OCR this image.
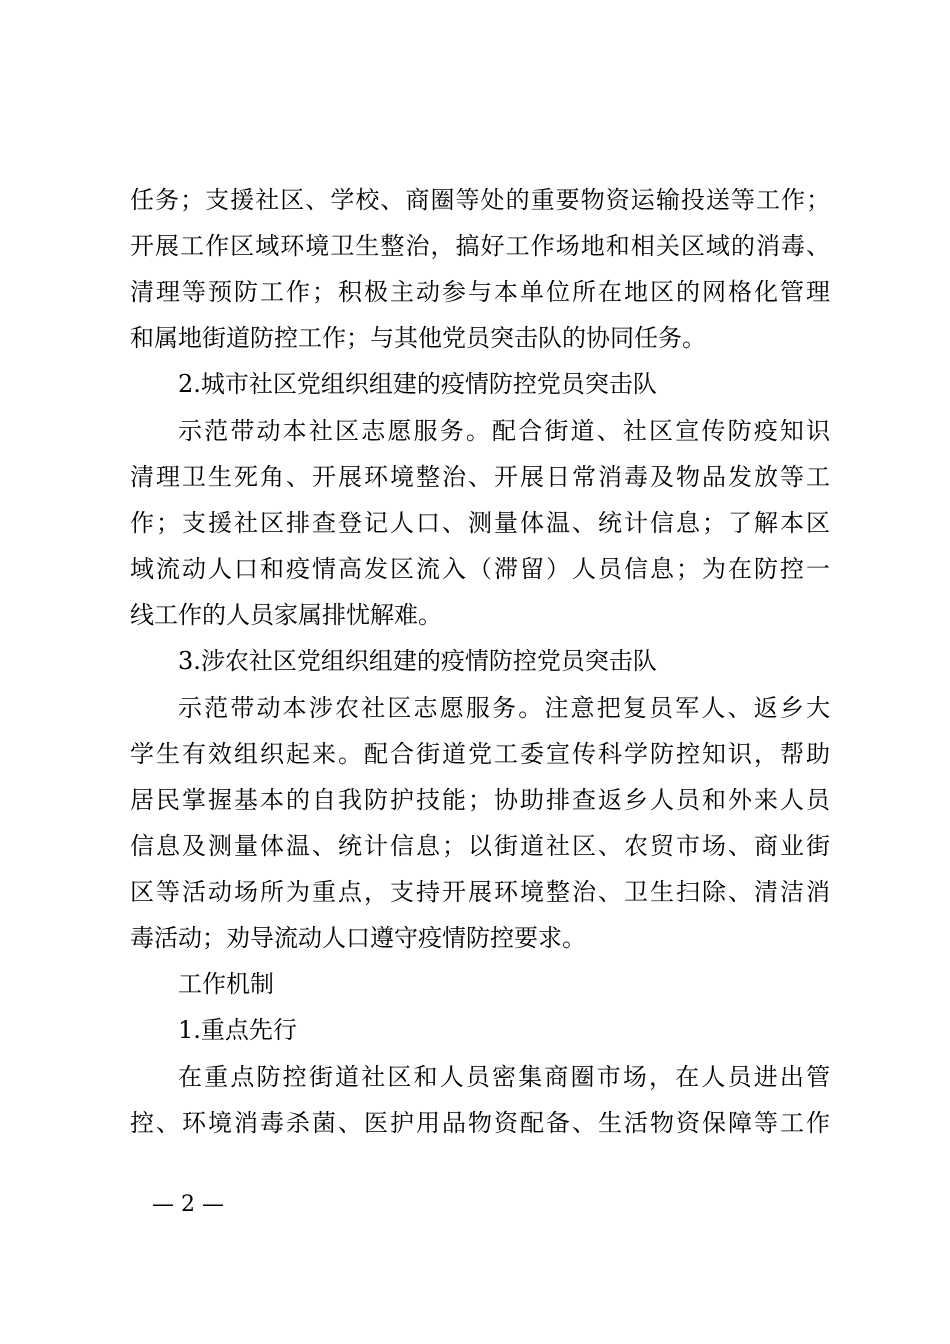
任务；支援社区、学校、商圈等处的重要物资运输投送等工作；
开展工作区域环境卫生整治，搞好工作场地和相关区域的消毒、
清理等预防工作；积极主动参与本单位所在地区的网格化管理
和属地街道防控工作；与其他党员突击队的协同任务。
2.城市社区党组织组建的疫情防控党员突击队
示范带动本社区志愿服务。配合街道、社区宣传防疫知识
清理卫生死角、开展环境整治、开展日常消毒及物品发放等工
作；支援社区排查登记人口、测量体温、统计信息；了解本区
域流动人口和疫情高发区流入（滞留）人员信息；为在防控一
线工作的人员家属排忧解难。
3.涉农社区党组织组建的疫情防控党员突击队
示范带动本涉农社区志愿服务。注意把复员军人、返乡大
学生有效组织起来。配合街道党工委宣传科学防控知识，帮助
居民掌握基本的自我防护技能；协助排查返乡人员和外来人员
信息及测量体温、统计信息；以街道社区、农贸市场、商业街
区等活动场所为重点，支持开展环境整治、卫生扫除、清洁消
毒活动；劝导流动人口遵守疫情防控要求。
工作机制
1.重点先行
在重点防控街道社区和人员密集商圈市场，在人员进出管
控、环境消毒杀菌、医护用品物资配备、生活物资保障等工作
— 2 —
